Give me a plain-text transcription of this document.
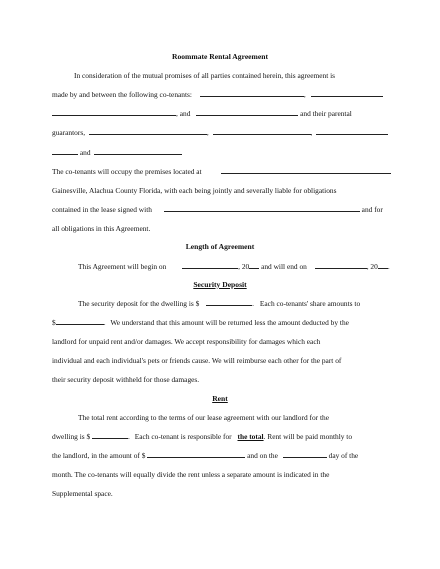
Roommate Rental Agreement
In consideration of the mutual promises of all parties contained herein, this agreement is
made by and between the following co-tenants:	,
, and	and their parental
guarantors,	,	,
and
The co-tenants will occupy the premises located at
Gainesville, Alachua County Florida, with each being jointly and severally liable for obligations
contained in the lease signed with	and for
all obligations in this Agreement.
Length of Agreement
This Agreement will begin on	, 20 and will end on	, 20 .
Security Deposit
The security deposit for the dwelling is $	. Each co-tenants' share amounts to
$	. We understand that this amount will be returned less the amount deducted by the
landlord for unpaid rent and/or damages. We accept responsibility for damages which each
individual and each individual's pets or friends cause. We will reimburse each other for the part of
their security deposit withheld for those damages.
Rent
The total rent according to the terms of our lease agreement with our landlord for the
dwelling is $	. Each co-tenant is responsible for the total. Rent will be paid monthly to
the landlord, in the amount of $	and on the	day of the
month. The co-tenants will equally divide the rent unless a separate amount is indicated in the
Supplemental space.
